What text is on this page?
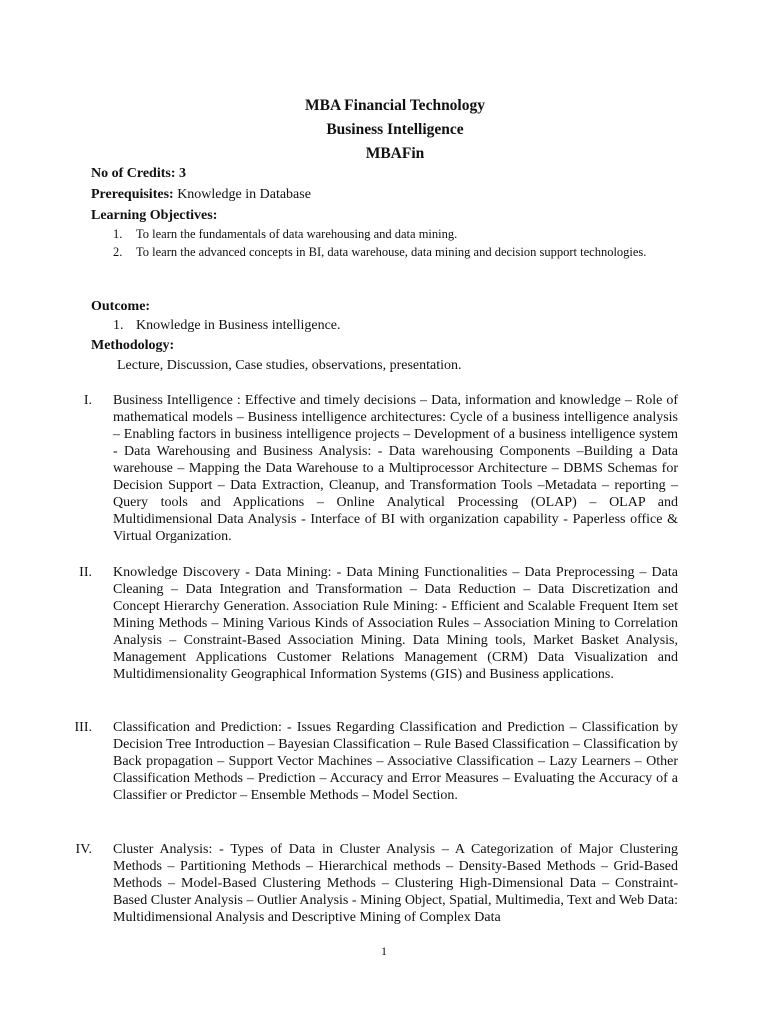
MBA Financial Technology
Business Intelligence
MBAFin
No of Credits: 3
Prerequisites: Knowledge in Database
Learning Objectives:
1. To learn the fundamentals of data warehousing and data mining.
2. To learn the advanced concepts in BI, data warehouse, data mining and decision support technologies.
Outcome:
1. Knowledge in Business intelligence.
Methodology:
Lecture, Discussion, Case studies, observations, presentation.
I. Business Intelligence : Effective and timely decisions – Data, information and knowledge – Role of mathematical models – Business intelligence architectures: Cycle of a business intelligence analysis – Enabling factors in business intelligence projects – Development of a business intelligence system - Data Warehousing and Business Analysis: - Data warehousing Components –Building a Data warehouse – Mapping the Data Warehouse to a Multiprocessor Architecture – DBMS Schemas for Decision Support – Data Extraction, Cleanup, and Transformation Tools –Metadata – reporting – Query tools and Applications – Online Analytical Processing (OLAP) – OLAP and Multidimensional Data Analysis - Interface of BI with organization capability - Paperless office & Virtual Organization.
II. Knowledge Discovery - Data Mining: - Data Mining Functionalities – Data Preprocessing – Data Cleaning – Data Integration and Transformation – Data Reduction – Data Discretization and Concept Hierarchy Generation. Association Rule Mining: - Efficient and Scalable Frequent Item set Mining Methods – Mining Various Kinds of Association Rules – Association Mining to Correlation Analysis – Constraint-Based Association Mining. Data Mining tools, Market Basket Analysis, Management Applications Customer Relations Management (CRM) Data Visualization and Multidimensionality Geographical Information Systems (GIS) and Business applications.
III. Classification and Prediction: - Issues Regarding Classification and Prediction – Classification by Decision Tree Introduction – Bayesian Classification – Rule Based Classification – Classification by Back propagation – Support Vector Machines – Associative Classification – Lazy Learners – Other Classification Methods – Prediction – Accuracy and Error Measures – Evaluating the Accuracy of a Classifier or Predictor – Ensemble Methods – Model Section.
IV. Cluster Analysis: - Types of Data in Cluster Analysis – A Categorization of Major Clustering Methods – Partitioning Methods – Hierarchical methods – Density-Based Methods – Grid-Based Methods – Model-Based Clustering Methods – Clustering High-Dimensional Data – Constraint-Based Cluster Analysis – Outlier Analysis - Mining Object, Spatial, Multimedia, Text and Web Data: Multidimensional Analysis and Descriptive Mining of Complex Data
1
